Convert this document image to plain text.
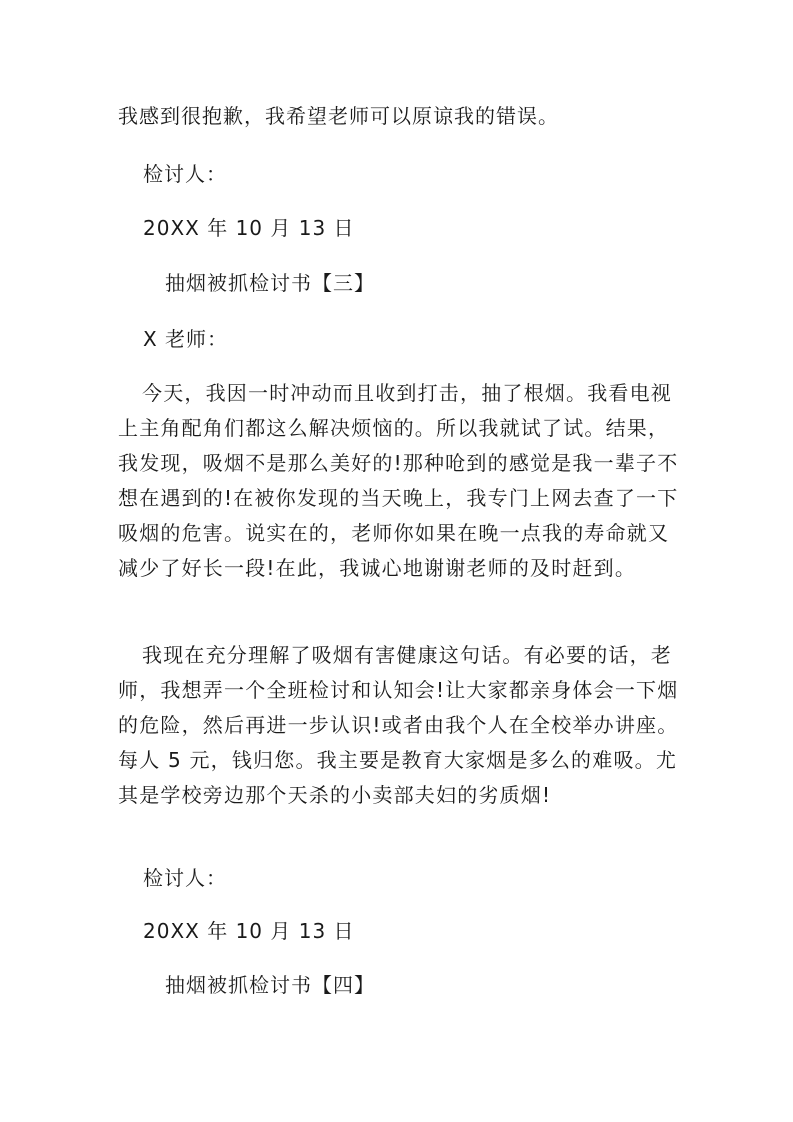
我感到很抱歉，我希望老师可以原谅我的错误。
检讨人：
20XX 年 10 月 13 日
抽烟被抓检讨书【三】
X 老师：
今天，我因一时冲动而且收到打击，抽了根烟。我看电视
上主角配角们都这么解决烦恼的。所以我就试了试。结果，
我发现，吸烟不是那么美好的!那种呛到的感觉是我一辈子不
想在遇到的!在被你发现的当天晚上，我专门上网去查了一下
吸烟的危害。说实在的，老师你如果在晚一点我的寿命就又
减少了好长一段!在此，我诚心地谢谢老师的及时赶到。
我现在充分理解了吸烟有害健康这句话。有必要的话，老
师，我想弄一个全班检讨和认知会!让大家都亲身体会一下烟
的危险，然后再进一步认识!或者由我个人在全校举办讲座。
每人 5 元，钱归您。我主要是教育大家烟是多么的难吸。尤
其是学校旁边那个天杀的小卖部夫妇的劣质烟!
检讨人：
20XX 年 10 月 13 日
抽烟被抓检讨书【四】
